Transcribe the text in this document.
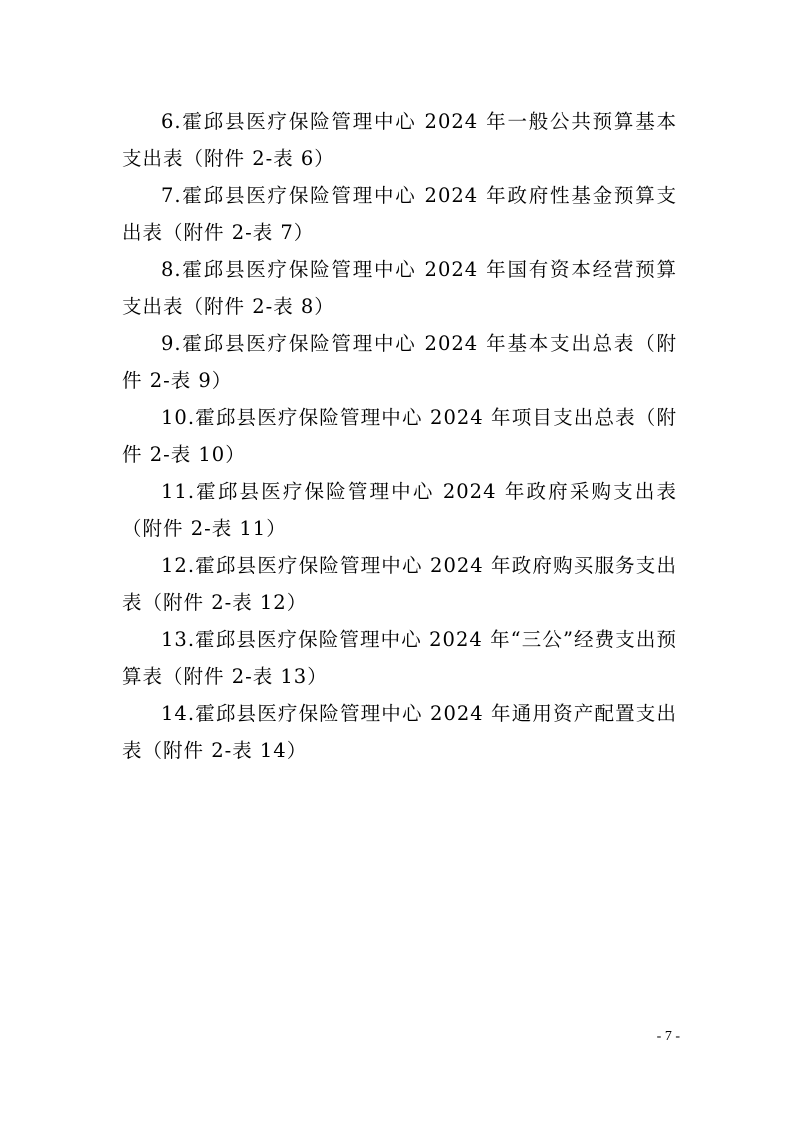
6.霍邱县医疗保险管理中心 2024 年一般公共预算基本支出表（附件 2-表 6）

7.霍邱县医疗保险管理中心 2024 年政府性基金预算支出表（附件 2-表 7）

8.霍邱县医疗保险管理中心 2024 年国有资本经营预算支出表（附件 2-表 8）

9.霍邱县医疗保险管理中心 2024 年基本支出总表（附件 2-表 9）

10.霍邱县医疗保险管理中心 2024 年项目支出总表（附件 2-表 10）

11.霍邱县医疗保险管理中心 2024 年政府采购支出表（附件 2-表 11）

12.霍邱县医疗保险管理中心 2024 年政府购买服务支出表（附件 2-表 12）

13.霍邱县医疗保险管理中心 2024 年“三公”经费支出预算表（附件 2-表 13）

14.霍邱县医疗保险管理中心 2024 年通用资产配置支出表（附件 2-表 14）

- 7 -
